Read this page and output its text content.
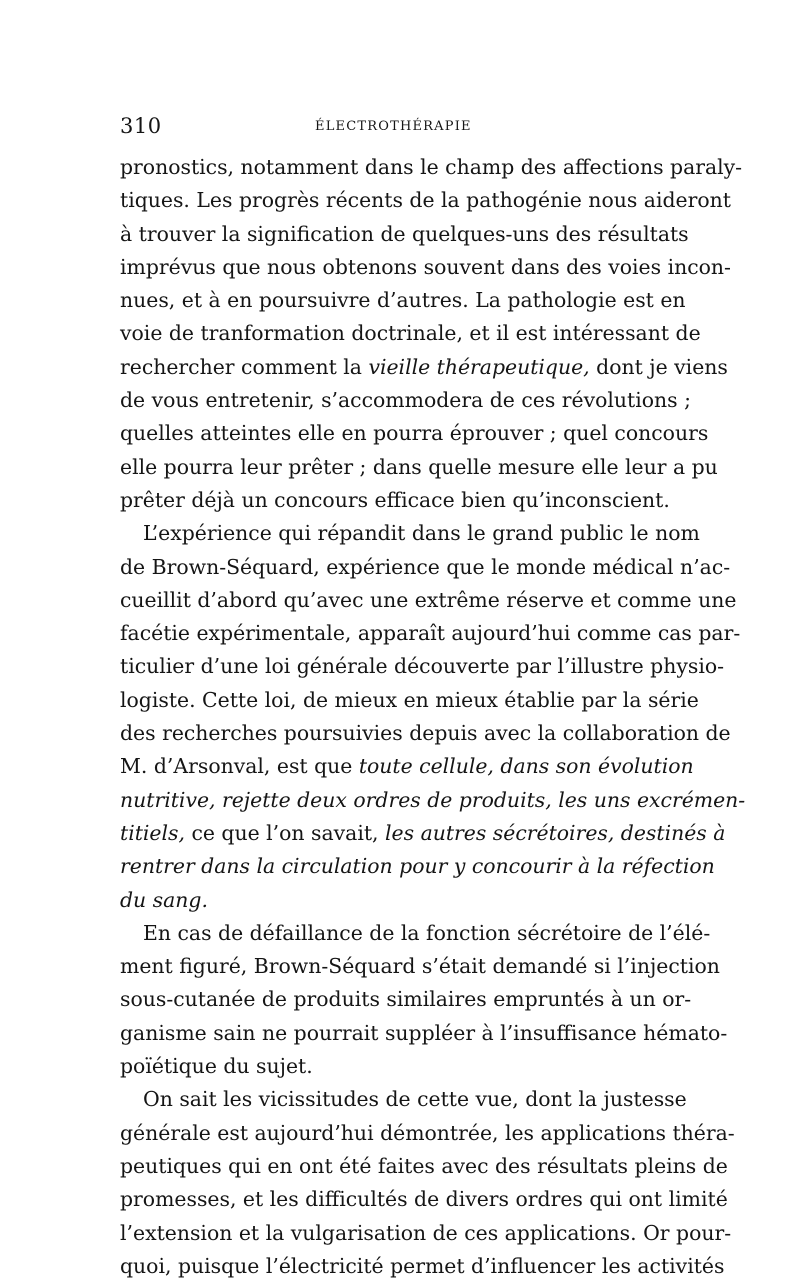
310	ÉLECTROTHÉRAPIE
pronostics, notamment dans le champ des affections paraly-
tiques. Les progrès récents de la pathogénie nous aideront
à trouver la signification de quelques-uns des résultats
imprévus que nous obtenons souvent dans des voies incon-
nues, et à en poursuivre d’autres. La pathologie est en
voie de tranformation doctrinale, et il est intéressant de
rechercher comment la vieille thérapeutique, dont je viens
de vous entretenir, s’accommodera de ces révolutions ;
quelles atteintes elle en pourra éprouver ; quel concours
elle pourra leur prêter ; dans quelle mesure elle leur a pu
prêter déjà un concours efficace bien qu’inconscient.
L’expérience qui répandit dans le grand public le nom
de Brown-Séquard, expérience que le monde médical n’ac-
cueillit d’abord qu’avec une extrême réserve et comme une
facétie expérimentale, apparaît aujourd’hui comme cas par-
ticulier d’une loi générale découverte par l’illustre physio-
logiste. Cette loi, de mieux en mieux établie par la série
des recherches poursuivies depuis avec la collaboration de
M. d’Arsonval, est que toute cellule, dans son évolution
nutritive, rejette deux ordres de produits, les uns excrémen-
titiels, ce que l’on savait, les autres sécrétoires, destinés à
rentrer dans la circulation pour y concourir à la réfection
du sang.
En cas de défaillance de la fonction sécrétoire de l’élé-
ment figuré, Brown-Séquard s’était demandé si l’injection
sous-cutanée de produits similaires empruntés à un or-
ganisme sain ne pourrait suppléer à l’insuffisance hémato-
poïétique du sujet.
On sait les vicissitudes de cette vue, dont la justesse
générale est aujourd’hui démontrée, les applications théra-
peutiques qui en ont été faites avec des résultats pleins de
promesses, et les difficultés de divers ordres qui ont limité
l’extension et la vulgarisation de ces applications. Or pour-
quoi, puisque l’électricité permet d’influencer les activités
